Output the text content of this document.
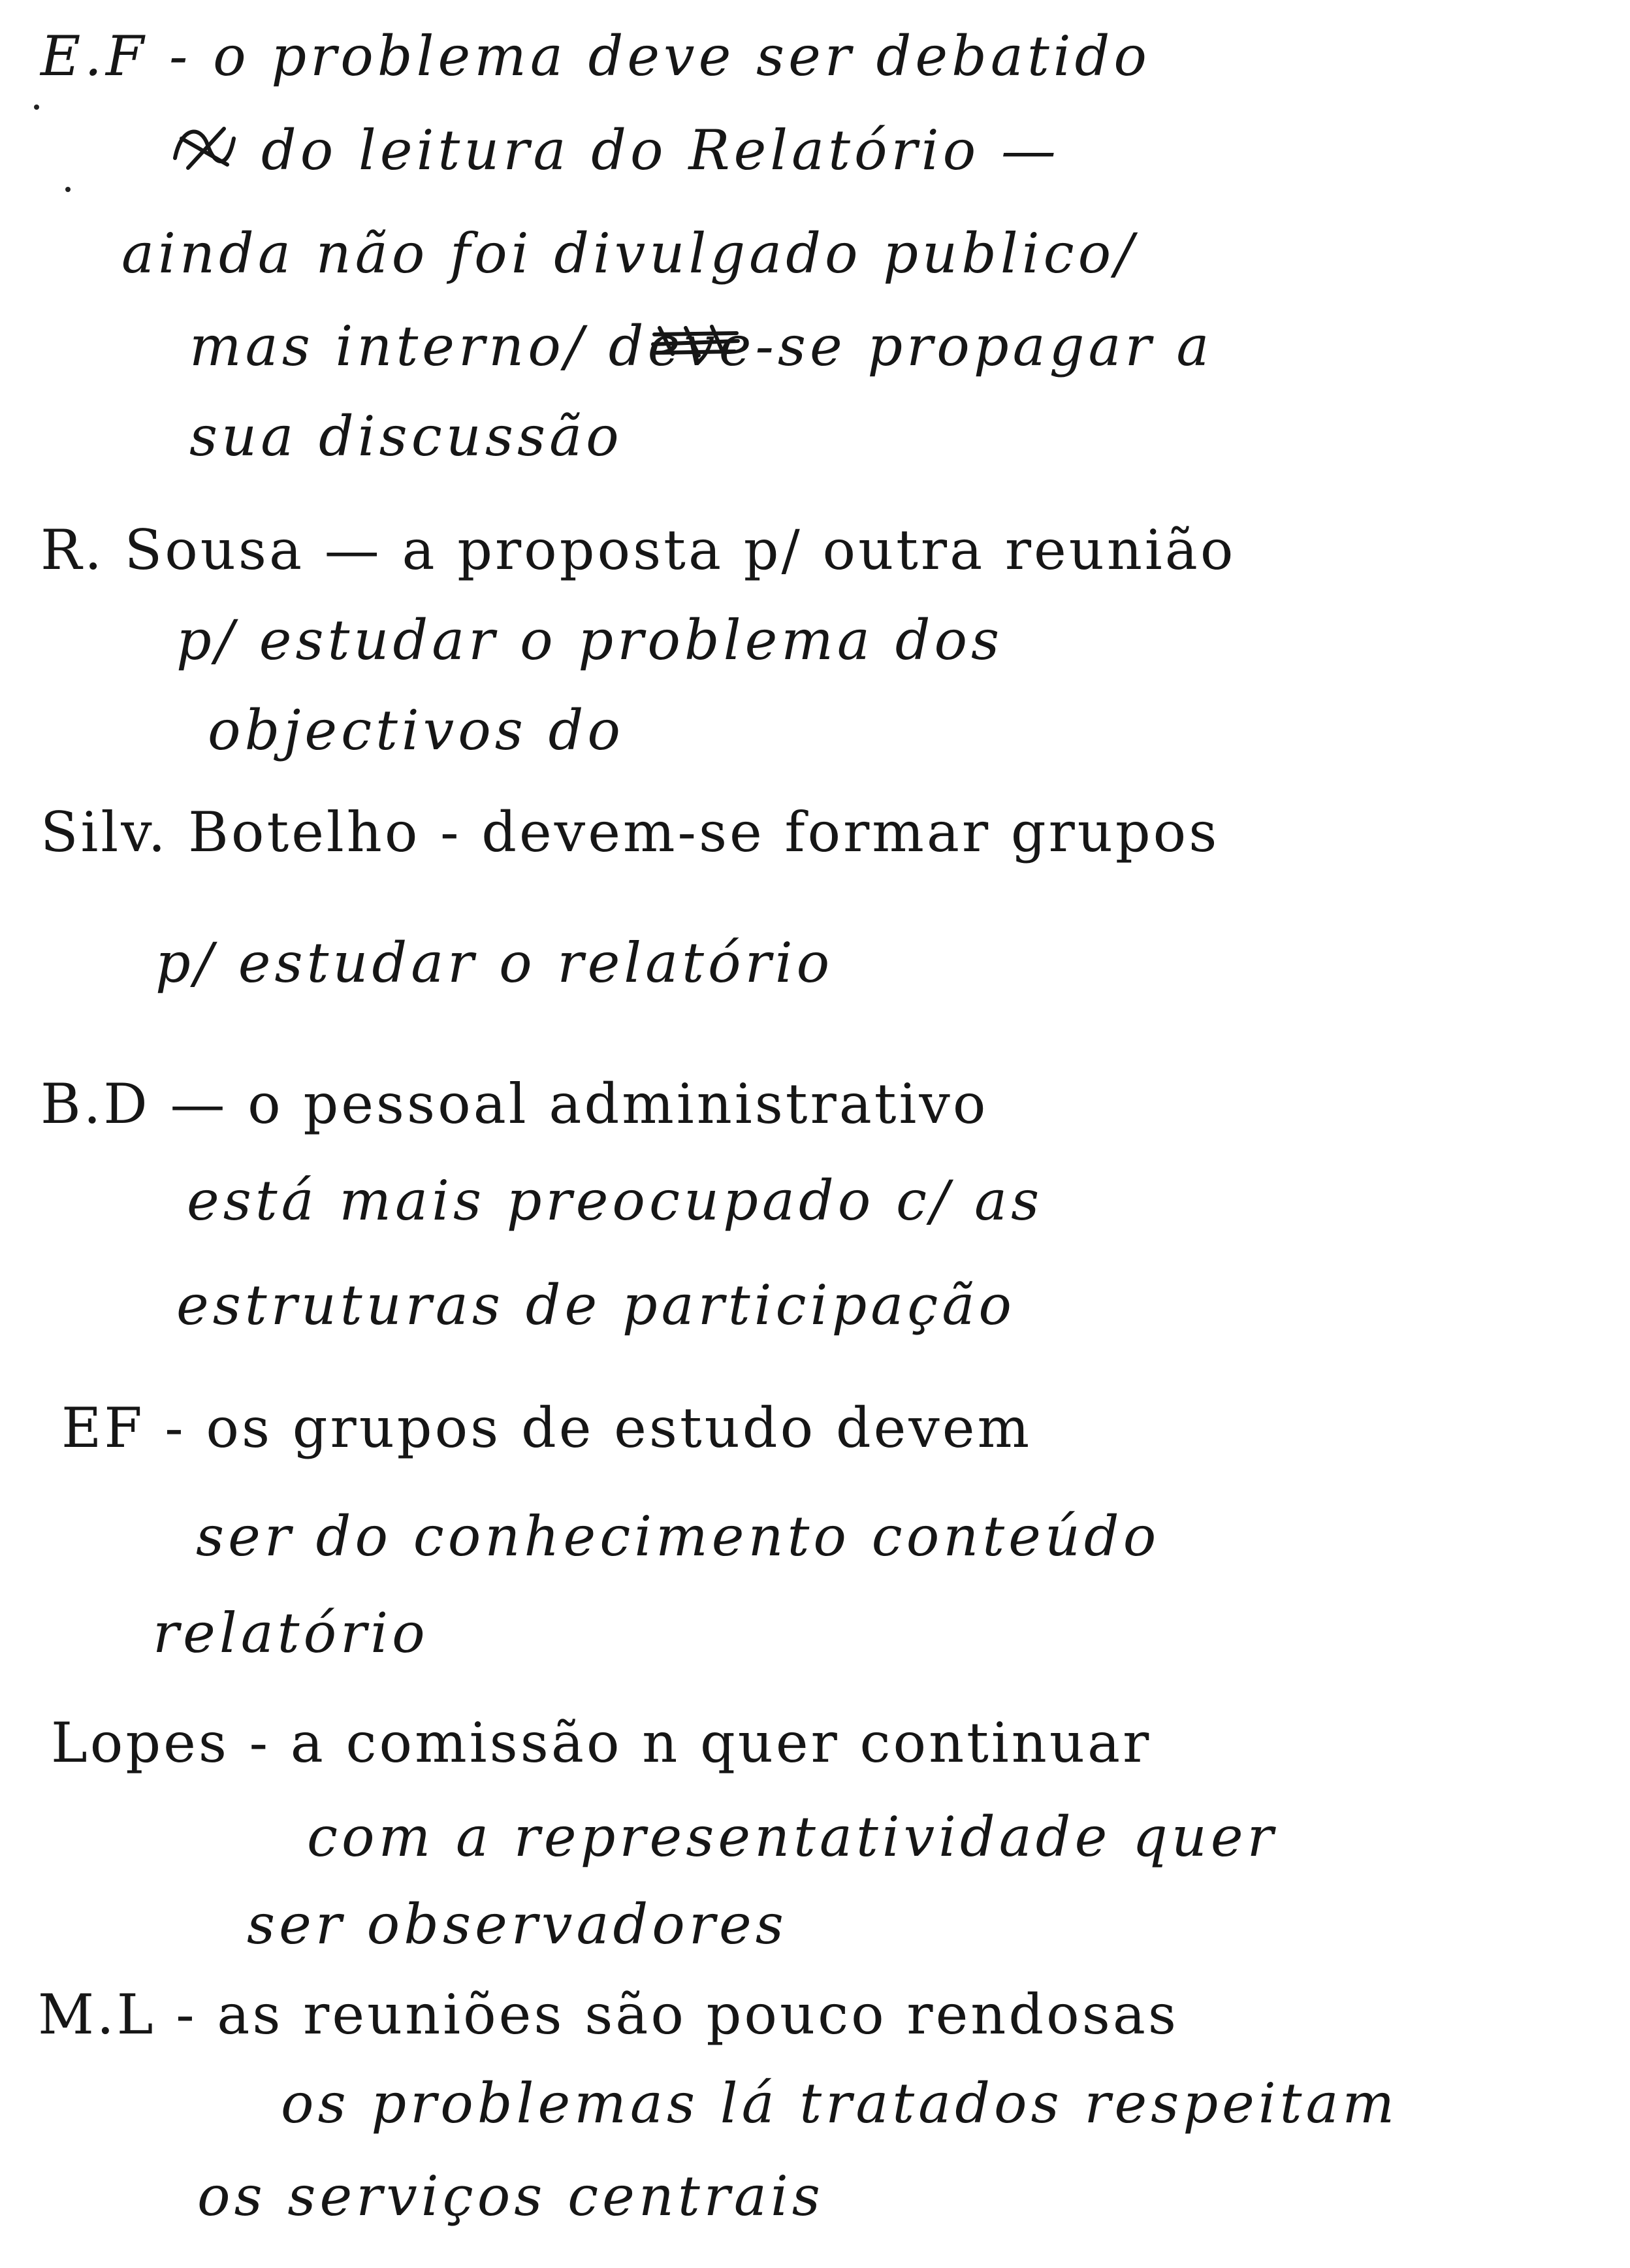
E.F - o problema deve ser debatido
do leitura do Relatório —
ainda não foi divulgado publico/
mas interno/ deve-se propagar a
sua discussão
R. Sousa — a proposta p/ outra reunião
p/ estudar o problema dos
objectivos do
Silv. Botelho - devem-se formar grupos
p/ estudar o relatório
B.D — o pessoal administrativo
está mais preocupado c/ as
estruturas de participação
EF - os grupos de estudo devem
ser do conhecimento conteúdo
relatório
Lopes - a comissão n quer continuar
com a representatividade quer
ser observadores
M.L - as reuniões são pouco rendosas
os problemas lá tratados respeitam
os serviços centrais
